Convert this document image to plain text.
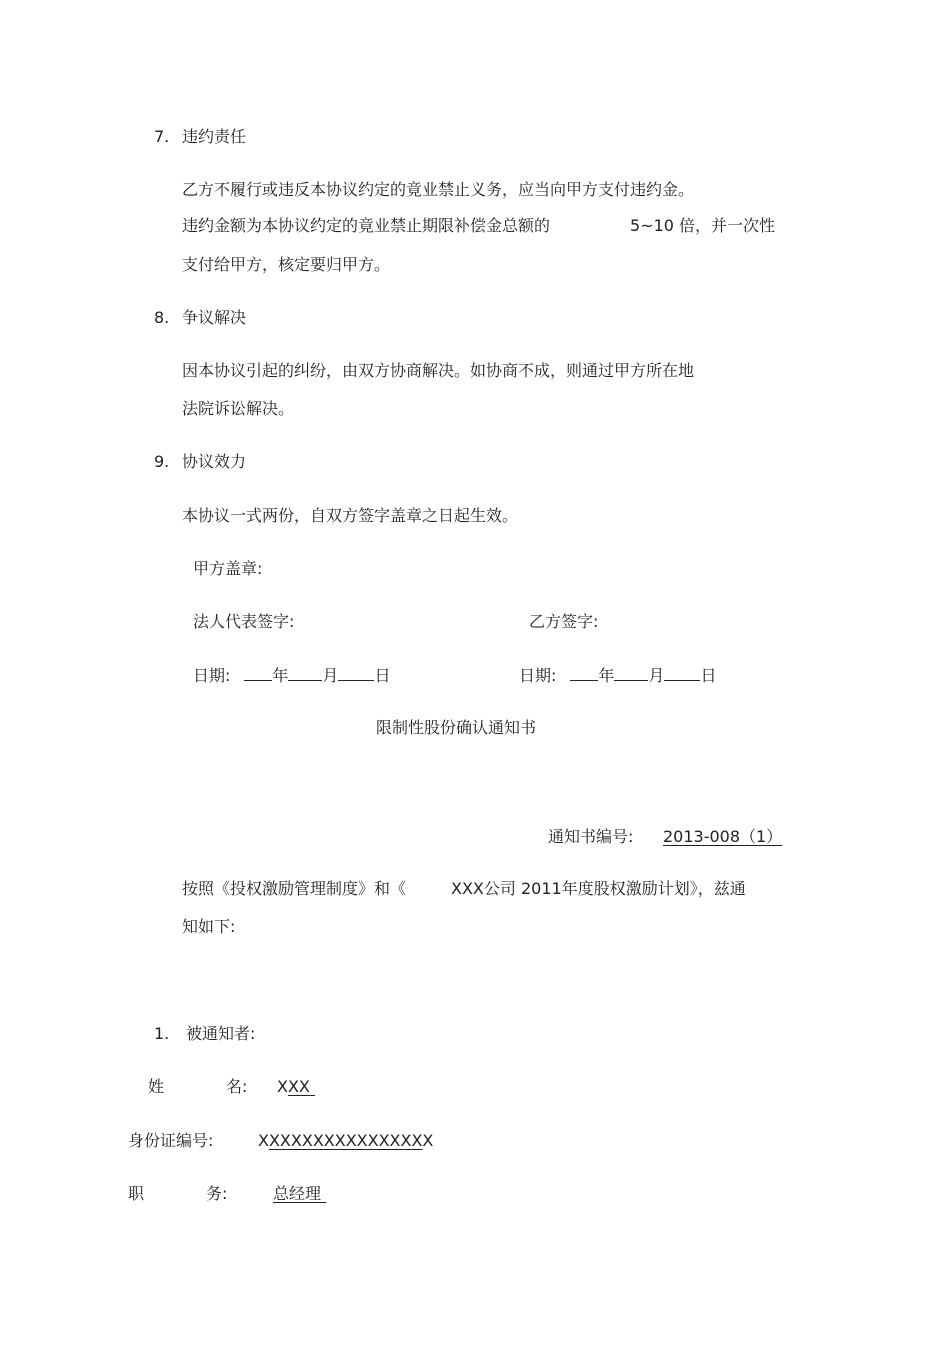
7. 违约责任
乙方不履行或违反本协议约定的竟业禁止义务，应当向甲方支付违约金。
违约金额为本协议约定的竟业禁止期限补偿金总额的	5~10 倍，并一次性
支付给甲方，核定要归甲方。
8. 争议解决
因本协议引起的纠纷，由双方协商解决。如协商不成，则通过甲方所在地
法院诉讼解决。
9. 协议效力
本协议一式两份，自双方签字盖章之日起生效。
甲方盖章:
法人代表签字:	乙方签字:
日期:	年 月 日	日期:	年 月 日
限制性股份确认通知书
通知书编号: 2013-008（1）
按照《投权激励管理制度》和《	XXX公司 2011年度股权激励计划》，兹通
知如下:
1. 被通知者:
姓	名: XXX
身份证编号:	XXXXXXXXXXXXXXXX
职	务:	总经理
